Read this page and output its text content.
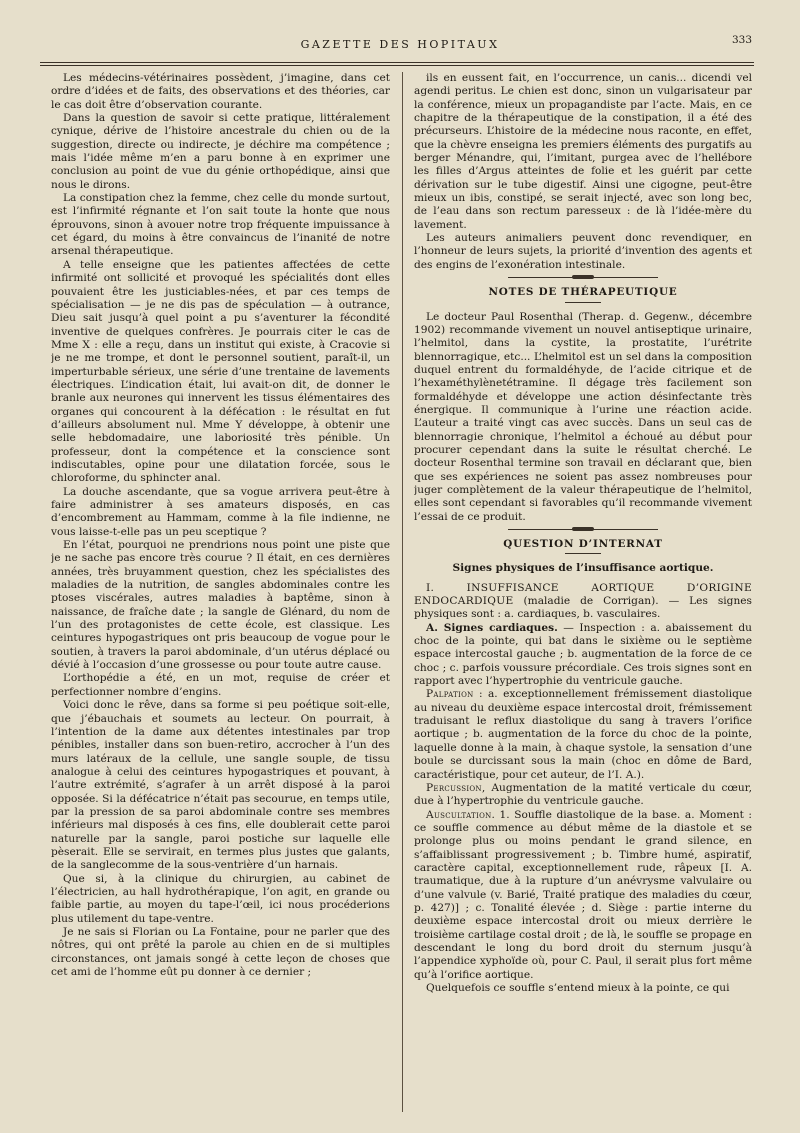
GAZETTE DES HOPITAUX	333

Les médecins-vétérinaires possèdent, j’imagine, dans cet ordre d’idées et de faits, des observations et des théories, car le cas doit être d’observation courante.

Dans la question de savoir si cette pratique, littéralement cynique, dérive de l’histoire ancestrale du chien ou de la suggestion, directe ou indirecte, je déchire ma compétence ; mais l’idée même m’en a paru bonne à en exprimer une conclusion au point de vue du génie orthopédique, ainsi que nous le dirons.

La constipation chez la femme, chez celle du monde surtout, est l’infirmité régnante et l’on sait toute la honte que nous éprouvons, sinon à avouer notre trop fréquente impuissance à cet égard, du moins à être convaincus de l’inanité de notre arsenal thérapeutique.

A telle enseigne que les patientes affectées de cette infirmité ont sollicité et provoqué les spécialités dont elles pouvaient être les justiciables-nées, et par ces temps de spécialisation — je ne dis pas de spéculation — à outrance, Dieu sait jusqu’à quel point a pu s’aventurer la fécondité inventive de quelques confrères. Je pourrais citer le cas de Mme X : elle a reçu, dans un institut qui existe, à Cracovie si je ne me trompe, et dont le personnel soutient, paraît-il, un imperturbable sérieux, une série d’une trentaine de lavements électriques. L’indication était, lui avait-on dit, de donner le branle aux neurones qui innervent les tissus élémentaires des organes qui concourent à la défécation : le résultat en fut d’ailleurs absolument nul. Mme Y développe, à obtenir une selle hebdomadaire, une laboriosité très pénible. Un professeur, dont la compétence et la conscience sont indiscutables, opine pour une dilatation forcée, sous le chloroforme, du sphincter anal.

La douche ascendante, que sa vogue arrivera peut-être à faire administrer à ses amateurs disposés, en cas d’encombrement au Hammam, comme à la file indienne, ne vous laisse-t-elle pas un peu sceptique ?

En l’état, pourquoi ne prendrions nous point une piste que je ne sache pas encore très courue ? Il était, en ces dernières années, très bruyamment question, chez les spécialistes des maladies de la nutrition, de sangles abdominales contre les ptoses viscérales, autres maladies à baptême, sinon à naissance, de fraîche date ; la sangle de Glénard, du nom de l’un des protagonistes de cette école, est classique. Les ceintures hypogastriques ont pris beaucoup de vogue pour le soutien, à travers la paroi abdominale, d’un utérus déplacé ou dévié à l’occasion d’une grossesse ou pour toute autre cause.

L’orthopédie a été, en un mot, requise de créer et perfectionner nombre d’engins.

Voici donc le rêve, dans sa forme si peu poétique soit-elle, que j’ébauchais et soumets au lecteur. On pourrait, à l’intention de la dame aux détentes intestinales par trop pénibles, installer dans son buen-retiro, accrocher à l’un des murs latéraux de la cellule, une sangle souple, de tissu analogue à celui des ceintures hypogastriques et pouvant, à l’autre extrémité, s’agrafer à un arrêt disposé à la paroi opposée. Si la défécatrice n’était pas secourue, en temps utile, par la pression de sa paroi abdominale contre ses membres inférieurs mal disposés à ces fins, elle doublerait cette paroi naturelle par la sangle, paroi postiche sur laquelle elle pèserait. Elle se servirait, en termes plus justes que galants, de la sanglecomme de la sous-ventrière d’un harnais.

Que si, à la clinique du chirurgien, au cabinet de l’électricien, au hall hydrothérapique, l’on agit, en grande ou faible partie, au moyen du tape-l’œil, ici nous procéderions plus utilement du tape-ventre.

Je ne sais si Florian ou La Fontaine, pour ne parler que des nôtres, qui ont prêté la parole au chien en de si multiples circonstances, ont jamais songé à cette leçon de choses que cet ami de l’homme eût pu donner à ce dernier ;

ils en eussent fait, en l’occurrence, un canis... dicendi vel agendi peritus. Le chien est donc, sinon un vulgarisateur par la conférence, mieux un propagandiste par l’acte. Mais, en ce chapitre de la thérapeutique de la constipation, il a été des précurseurs. L’histoire de la médecine nous raconte, en effet, que la chèvre enseigna les premiers éléments des purgatifs au berger Ménandre, qui, l’imitant, purgea avec de l’hellébore les filles d’Argus atteintes de folie et les guérit par cette dérivation sur le tube digestif. Ainsi une cigogne, peut-être mieux un ibis, constipé, se serait injecté, avec son long bec, de l’eau dans son rectum paresseux : de là l’idée-mère du lavement.

Les auteurs animaliers peuvent donc revendiquer, en l’honneur de leurs sujets, la priorité d’invention des agents et des engins de l’exonération intestinale.

NOTES DE THÉRAPEUTIQUE

Le docteur Paul Rosenthal (Therap. d. Gegenw., décembre 1902) recommande vivement un nouvel antiseptique urinaire, l’helmitol, dans la cystite, la prostatite, l’urétrite blennorragique, etc... L’helmitol est un sel dans la composition duquel entrent du formaldéhyde, de l’acide citrique et de l’hexaméthylènetétramine. Il dégage très facilement son formaldéhyde et développe une action désinfectante très énergique. Il communique à l’urine une réaction acide. L’auteur a traité vingt cas avec succès. Dans un seul cas de blennorragie chronique, l’helmitol a échoué au début pour procurer cependant dans la suite le résultat cherché. Le docteur Rosenthal termine son travail en déclarant que, bien que ses expériences ne soient pas assez nombreuses pour juger complètement de la valeur thérapeutique de l’helmitol, elles sont cependant si favorables qu’il recommande vivement l’essai de ce produit.

QUESTION D’INTERNAT
Signes physiques de l’insuffisance aortique.

I. INSUFFISANCE AORTIQUE D’ORIGINE ENDOCARDIQUE (maladie de Corrigan). — Les signes physiques sont : a. cardiaques, b. vasculaires.

A. Signes cardiaques. — Inspection : a. abaissement du choc de la pointe, qui bat dans le sixième ou le septième espace intercostal gauche ; b. augmentation de la force de ce choc ; c. parfois voussure précordiale. Ces trois signes sont en rapport avec l’hypertrophie du ventricule gauche.

Palpation : a. exceptionnellement frémissement diastolique au niveau du deuxième espace intercostal droit, frémissement traduisant le reflux diastolique du sang à travers l’orifice aortique ; b. augmentation de la force du choc de la pointe, laquelle donne à la main, à chaque systole, la sensation d’une boule se durcissant sous la main (choc en dôme de Bard, caractéristique, pour cet auteur, de l’I. A.).

Percussion, Augmentation de la matité verticale du cœur, due à l’hypertrophie du ventricule gauche.

Auscultation. 1. Souffle diastolique de la base. a. Moment : ce souffle commence au début même de la diastole et se prolonge plus ou moins pendant le grand silence, en s’affaiblissant progressivement ; b. Timbre humé, aspiratif, caractère capital, exceptionnellement rude, râpeux [I. A. traumatique, due à la rupture d’un anévrysme valvulaire ou d’une valvule (v. Barié, Traité pratique des maladies du cœur, p. 427)] ; c. Tonalité élevée ; d. Siège : partie interne du deuxième espace intercostal droit ou mieux derrière le troisième cartilage costal droit ; de là, le souffle se propage en descendant le long du bord droit du sternum jusqu’à l’appendice xyphoïde où, pour C. Paul, il serait plus fort même qu’à l’orifice aortique.

Quelquefois ce souffle s’entend mieux à la pointe, ce qui
